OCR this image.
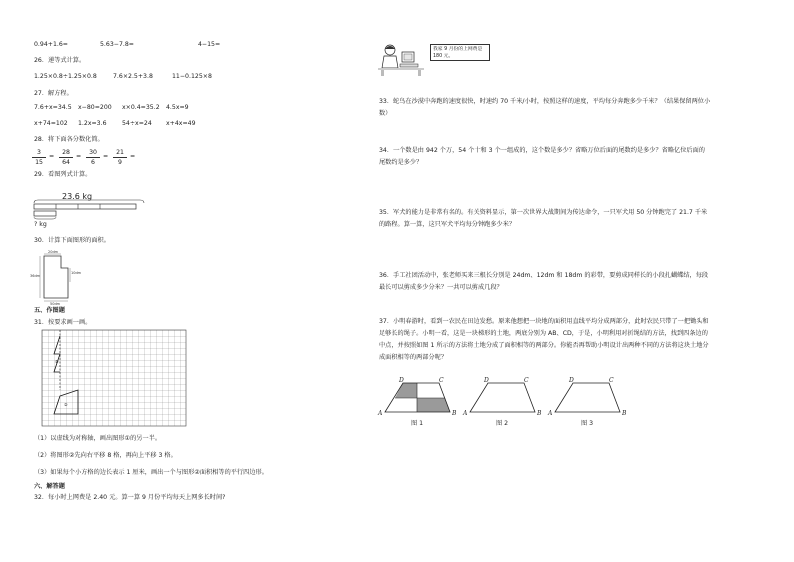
0.94+1.6=	5.63−7.8=	4−15=
26．递等式计算。
1.25×0.8÷1.25×0.8	7.6×2.5+3.8	11−0.125×8
27．解方程。
7.6+x=34.5 x−80=200 x×0.4=35.2 4.5x=9
x+74=102 1.2x=3.6 54÷x=24 x+4x=49
28．将下面各分数化简。
$\frac{3}{15} = \frac{28}{64} = \frac{30}{6} = \frac{21}{9}$ =
29．看图列式计算。
23.6 kg
? kg
30．计算下面图形的面积。
20dm
10dm
36dm
50dm
五、作图题
31．按要求画一画。
①
②
（1）以虚线为对称轴，画出图形①的另一半。
（2）将图形②先向右平移 8 格，再向上平移 3 格。
（3）如果每个小方格的边长表示 1 厘米，画出一个与图形②面积相等的平行四边形。
六、解答题
32．每小时上网费是 2.40 元。算一算 9 月份平均每天上网多长时间?
我家 9 月份的上网费是 180 元。
33．蛇鸟在沙漠中奔跑的速度很快，时速约 70 千米/小时，按照这样的速度，平均每分奔跑多少千米？（结果保留两位小数）
34．一个数是由 942 个万，54 个十和 3 个一组成的，这个数是多少？省略万位后面的尾数约是多少？省略亿位后面的尾数约是多少？
35．军犬的能力是非常有名的。有关资料显示，第一次世界大战期间为传达命令，一只军犬用 50 分钟跑完了 21.7 千米的路程。算一算，这只军犬平均每分钟跑多少米？
36．手工社团活动中，张老师买来三根长分别是 24dm、12dm 和 18dm 的彩带，要剪成同样长的小段扎蝴蝶结，每段最长可以剪成多少分米？一共可以剪成几段？
37．小明春游时，看到一农民在田边发愁。原来他想把一块地的面积用直线平均分成两部分，此时农民只带了一把锄头和足够长的绳子。小明一看，这是一块梯形的土地，两底分别为 AB、CD，于是，小明利用对折绳结的方法，找到四条边的中点，并按照如图 1 所示的方法将土地分成了面积相等的两部分。你能否再帮助小明设计出两种不同的方法将这块土地分成面积相等的两部分呢？
D	C
A	B
图 1
D	C
A	B
图 2
D	C
A	B
图 3
